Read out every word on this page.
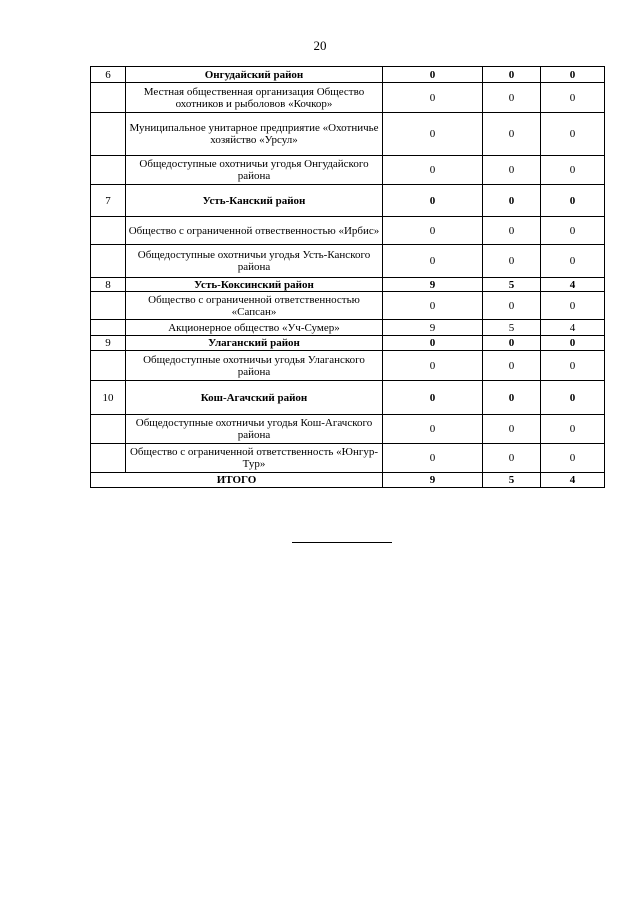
20
6	Онгудайский район	0	0	0
	Местная общественная организация Общество охотников и рыболовов «Кочкор»	0	0	0
	Муниципальное унитарное предприятие «Охотничье хозяйство «Урсул»	0	0	0
	Общедоступные охотничьи угодья Онгудайского района	0	0	0
7	Усть-Канский район	0	0	0
	Общество с ограниченной отвественностью «Ирбис»	0	0	0
	Общедоступные охотничьи угодья Усть-Канского района	0	0	0
8	Усть-Коксинский район	9	5	4
	Общество с ограниченной ответственностью «Сапсан»	0	0	0
	Акционерное общество «Уч-Сумер»	9	5	4
9	Улаганский район	0	0	0
	Общедоступные охотничьи угодья Улаганского района	0	0	0
10	Кош-Агачский район	0	0	0
	Общедоступные охотничьи угодья Кош-Агачского района	0	0	0
	Общество с ограниченной ответственность «Юнгур-Тур»	0	0	0
ИТОГО		9	5	4
